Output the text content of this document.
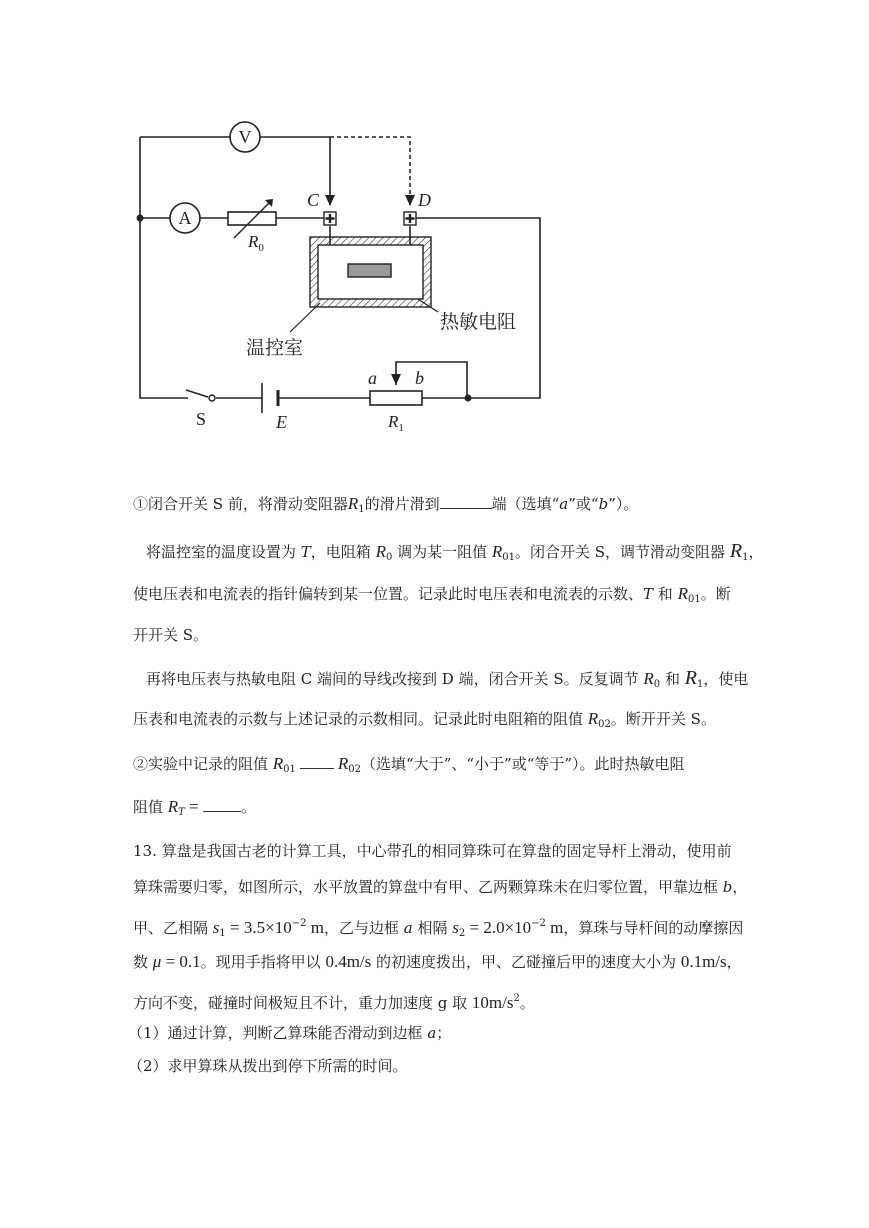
V
A
$R_0$
C	D
热敏电阻
温控室
S	E
a b
$R_1$
①闭合开关 S 前，将滑动变阻器$R_1$的滑片滑到	端（选填“a”或“b”）。
将温控室的温度设置为 T，电阻箱 $R_0$ 调为某一阻值 $R_{01}$。闭合开关 S，调节滑动变阻器 $R_1$，
使电压表和电流表的指针偏转到某一位置。记录此时电压表和电流表的示数、T 和 $R_{01}$。断
开开关 S。
再将电压表与热敏电阻 C 端间的导线改接到 D 端，闭合开关 S。反复调节 $R_0$ 和 $R_1$，使电
压表和电流表的示数与上述记录的示数相同。记录此时电阻箱的阻值 $R_{02}$。断开开关 S。
②实验中记录的阻值 $R_{01}$ $R_{02}$（选填“大于”、“小于”或“等于”）。此时热敏电阻
阻值 $R_T$ =	。
13. 算盘是我国古老的计算工具，中心带孔的相同算珠可在算盘的固定导杆上滑动，使用前
算珠需要归零，如图所示，水平放置的算盘中有甲、乙两颗算珠未在归零位置，甲靠边框 b，
甲、乙相隔 $s_1 = 3.5\times 10^{-2}$ m，乙与边框 a 相隔 $s_2 = 2.0\times 10^{-2}$ m，算珠与导杆间的动摩擦因
数 μ = 0.1。现用手指将甲以 0.4m/s 的初速度拨出，甲、乙碰撞后甲的速度大小为 0.1m/s，
方向不变，碰撞时间极短且不计，重力加速度 g 取 $10m/s^2$。
（1）通过计算，判断乙算珠能否滑动到边框 a；
（2）求甲算珠从拨出到停下所需的时间。
